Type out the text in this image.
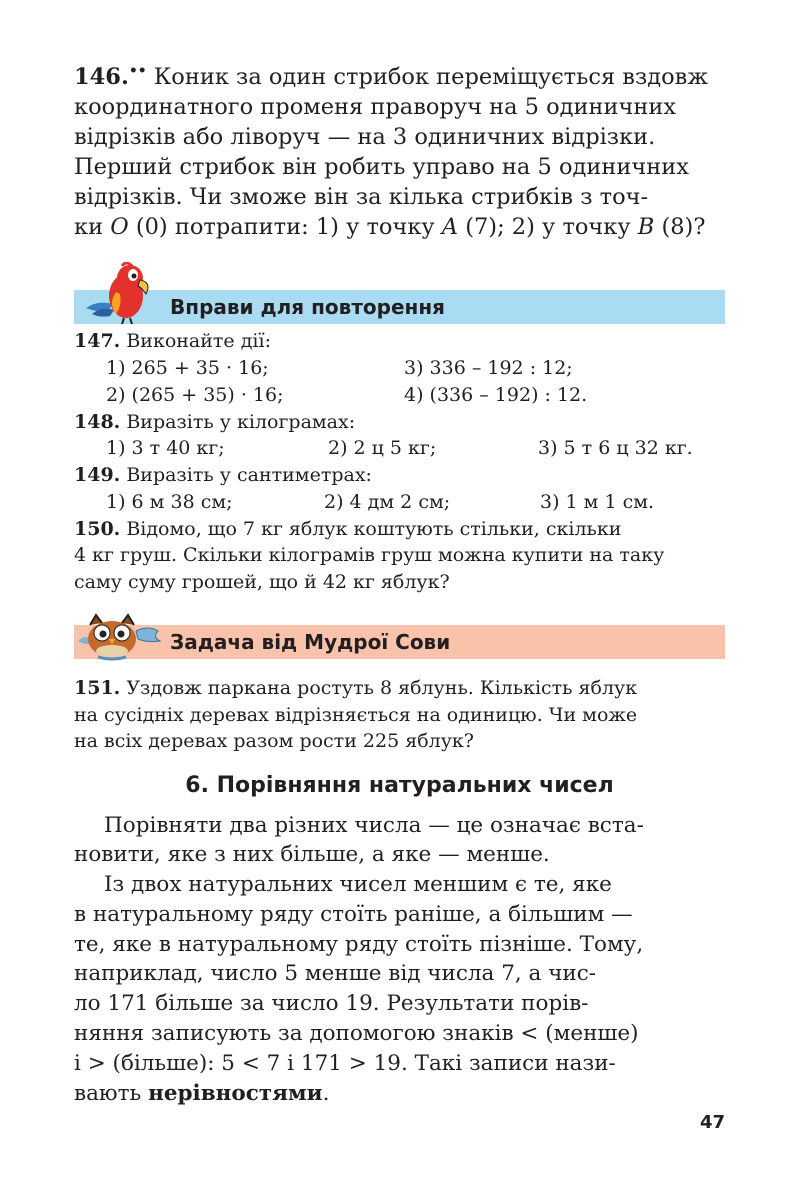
146.•• Коник за один стрибок переміщується вздовж

координатного променя праворуч на 5 одиничних

відрізків або ліворуч — на 3 одиничних відрізки.

Перший стрибок він робить управо на 5 одиничних

відрізків. Чи зможе він за кілька стрибків з точ-

ки O (0) потрапити: 1) у точку A (7); 2) у точку B (8)?

Вправи для повторення

147. Виконайте дії:

1) 265 + 35 · 16;	3) 336 – 192 : 12;
2) (265 + 35) · 16;	4) (336 – 192) : 12.

148. Виразіть у кілограмах:

1) 3 т 40 кг;	2) 2 ц 5 кг;	3) 5 т 6 ц 32 кг.

149. Виразіть у сантиметрах:

1) 6 м 38 см;	2) 4 дм 2 см;	3) 1 м 1 см.

150. Відомо, що 7 кг яблук коштують стільки, скільки

4 кг груш. Скільки кілограмів груш можна купити на таку

саму суму грошей, що й 42 кг яблук?

Задача від Мудрої Сови

151. Уздовж паркана ростуть 8 яблунь. Кількість яблук

на сусідніх деревах відрізняється на одиницю. Чи може

на всіх деревах разом рости 225 яблук?

6. Порівняння натуральних чисел

Порівняти два різних числа — це означає вста-

новити, яке з них більше, а яке — менше.

Із двох натуральних чисел меншим є те, яке

в натуральному ряду стоїть раніше, а більшим —

те, яке в натуральному ряду стоїть пізніше. Тому,

наприклад, число 5 менше від числа 7, а чис-

ло 171 більше за число 19. Результати порів-

няння записують за допомогою знаків < (менше)

і > (більше): 5 < 7 і 171 > 19. Такі записи нази-

вають нерівностями.

47
